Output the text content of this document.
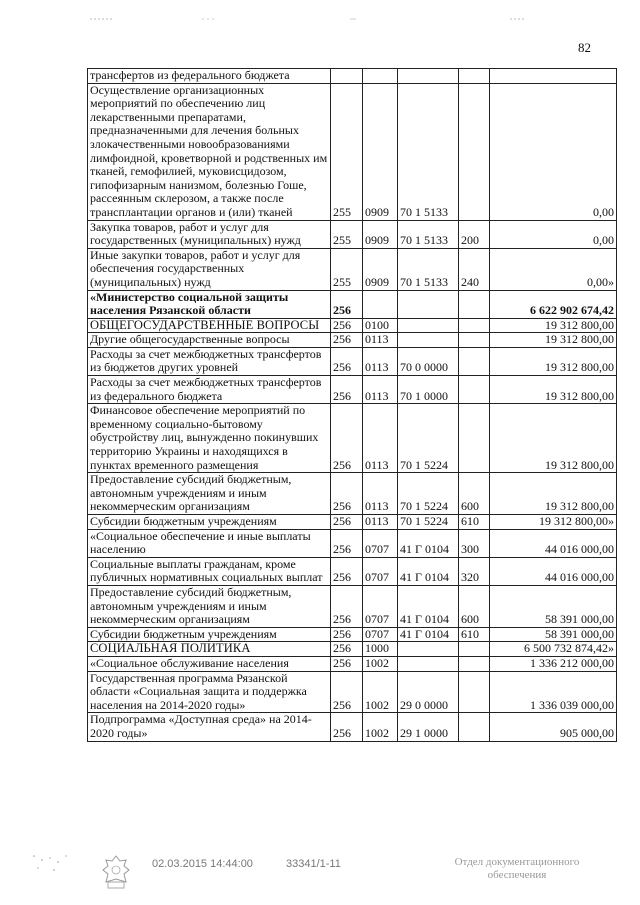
82
трансфертов из федерального бюджета					
Осуществление организационных мероприятий по обеспечению лиц лекарственными препаратами, предназначенными для лечения больных злокачественными новообразованиями лимфоидной, кроветворной и родственных им тканей, гемофилией, муковисцидозом, гипофизарным нанизмом, болезнью Гоше, рассеянным склерозом, а также после трансплантации органов и (или) тканей	255	0909	70 1 5133		0,00
Закупка товаров, работ и услуг для государственных (муниципальных) нужд	255	0909	70 1 5133	200	0,00
Иные закупки товаров, работ и услуг для обеспечения государственных (муниципальных) нужд	255	0909	70 1 5133	240	0,00»
«Министерство социальной защиты населения Рязанской области	256				6 622 902 674,42
ОБЩЕГОСУДАРСТВЕННЫЕ ВОПРОСЫ	256	0100			19 312 800,00
Другие общегосударственные вопросы	256	0113			19 312 800,00
Расходы за счет межбюджетных трансфертов из бюджетов других уровней	256	0113	70 0 0000		19 312 800,00
Расходы за счет межбюджетных трансфертов из федерального бюджета	256	0113	70 1 0000		19 312 800,00
Финансовое обеспечение мероприятий по временному социально-бытовому обустройству лиц, вынужденно покинувших территорию Украины и находящихся в пунктах временного размещения	256	0113	70 1 5224		19 312 800,00
Предоставление субсидий бюджетным, автономным учреждениям и иным некоммерческим организациям	256	0113	70 1 5224	600	19 312 800,00
Субсидии бюджетным учреждениям	256	0113	70 1 5224	610	19 312 800,00»
«Социальное обеспечение и иные выплаты населению	256	0707	41 Г 0104	300	44 016 000,00
Социальные выплаты гражданам, кроме публичных нормативных социальных выплат	256	0707	41 Г 0104	320	44 016 000,00
Предоставление субсидий бюджетным, автономным учреждениям и иным некоммерческим организациям	256	0707	41 Г 0104	600	58 391 000,00
Субсидии бюджетным учреждениям	256	0707	41 Г 0104	610	58 391 000,00
СОЦИАЛЬНАЯ ПОЛИТИКА	256	1000			6 500 732 874,42»
«Социальное обслуживание населения	256	1002			1 336 212 000,00
Государственная программа Рязанской области «Социальная защита и поддержка населения на 2014-2020 годы»	256	1002	29 0 0000		1 336 039 000,00
Подпрограмма «Доступная среда» на 2014-2020 годы»	256	1002	29 1 0000		905 000,00
02.03.2015 14:44:00	33341/1-11	Отдел документационного обеспечения
